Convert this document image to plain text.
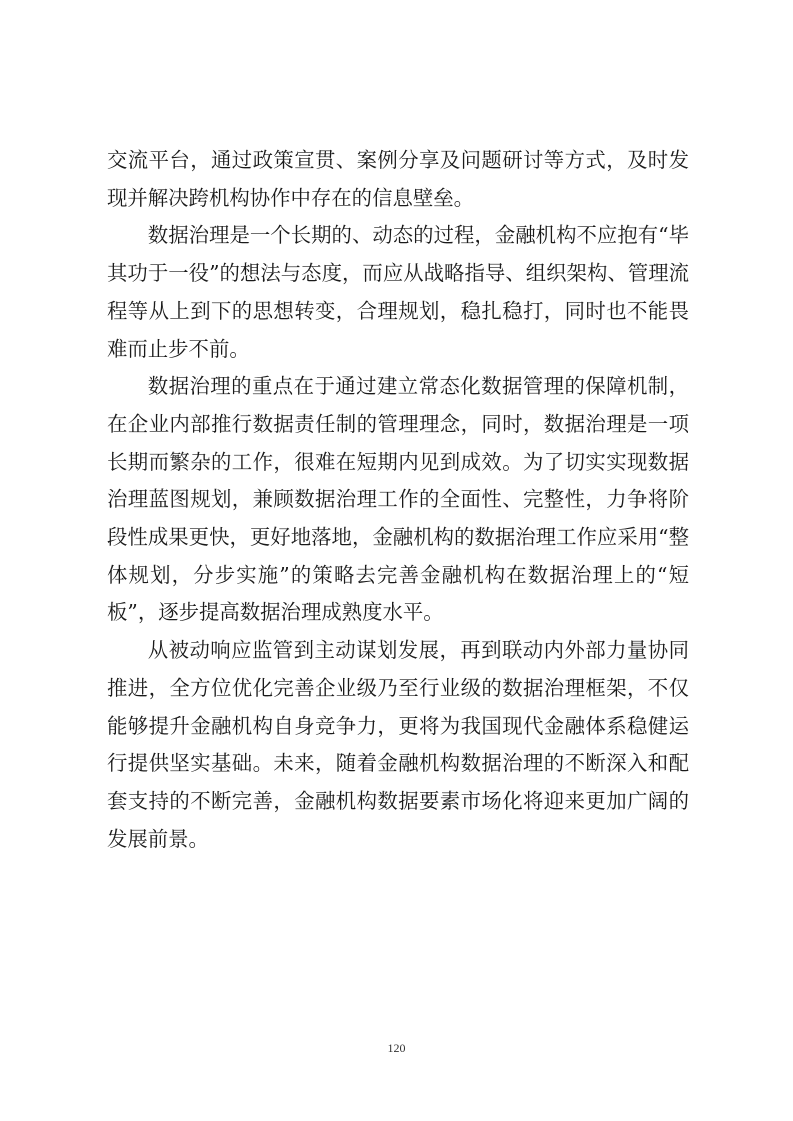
交流平台，通过政策宣贯、案例分享及问题研讨等方式，及时发现并解决跨机构协作中存在的信息壁垒。

数据治理是一个长期的、动态的过程，金融机构不应抱有“毕其功于一役”的想法与态度，而应从战略指导、组织架构、管理流程等从上到下的思想转变，合理规划，稳扎稳打，同时也不能畏难而止步不前。

数据治理的重点在于通过建立常态化数据管理的保障机制，在企业内部推行数据责任制的管理理念，同时，数据治理是一项长期而繁杂的工作，很难在短期内见到成效。为了切实实现数据治理蓝图规划，兼顾数据治理工作的全面性、完整性，力争将阶段性成果更快，更好地落地，金融机构的数据治理工作应采用“整体规划，分步实施”的策略去完善金融机构在数据治理上的“短板”，逐步提高数据治理成熟度水平。

从被动响应监管到主动谋划发展，再到联动内外部力量协同推进，全方位优化完善企业级乃至行业级的数据治理框架，不仅能够提升金融机构自身竞争力，更将为我国现代金融体系稳健运行提供坚实基础。未来，随着金融机构数据治理的不断深入和配套支持的不断完善，金融机构数据要素市场化将迎来更加广阔的发展前景。

120
